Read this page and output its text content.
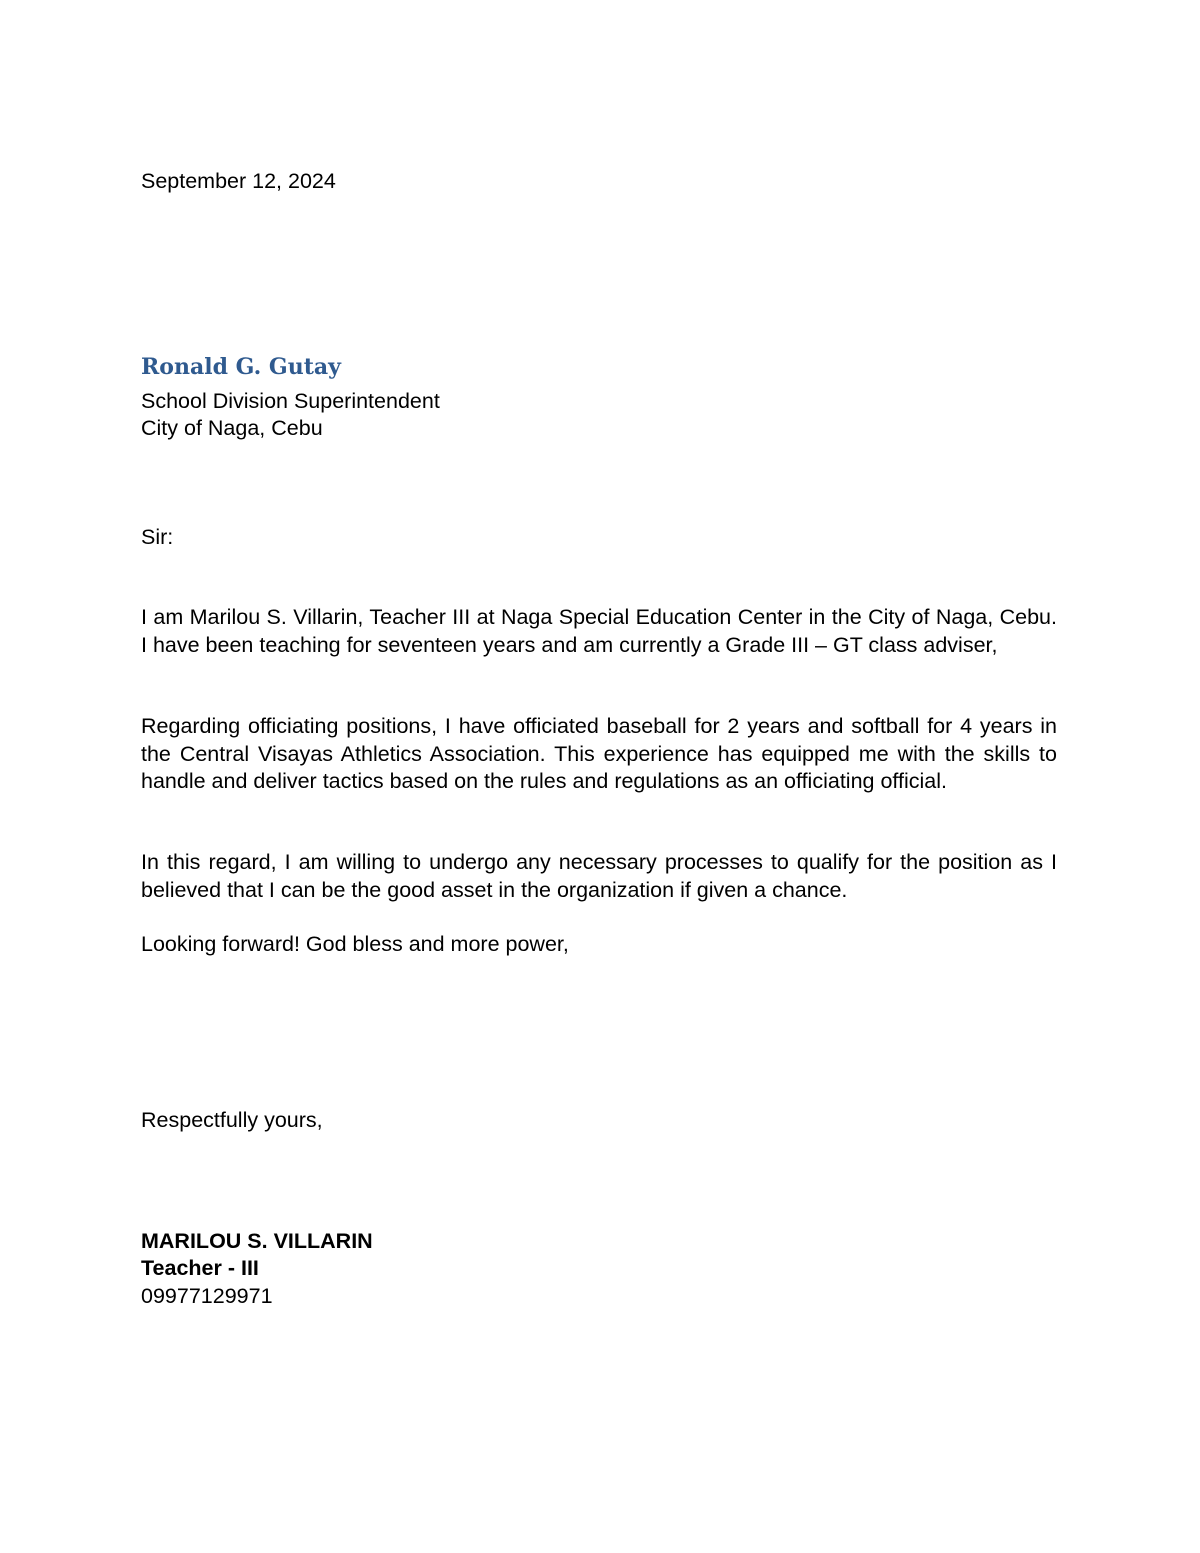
September 12, 2024
Ronald G. Gutay
School Division Superintendent
City of Naga, Cebu
Sir:
I am Marilou S. Villarin, Teacher III at Naga Special Education Center in the City of Naga, Cebu. I have been teaching for seventeen years and am currently a Grade III – GT class adviser,
Regarding officiating positions, I have officiated baseball for 2 years and softball for 4 years in the Central Visayas Athletics Association. This experience has equipped me with the skills to handle and deliver tactics based on the rules and regulations as an officiating official.
In this regard, I am willing to undergo any necessary processes to qualify for the position as I believed that I can be the good asset in the organization if given a chance.
Looking forward! God bless and more power,
Respectfully yours,
MARILOU S. VILLARIN
Teacher - III
09977129971
